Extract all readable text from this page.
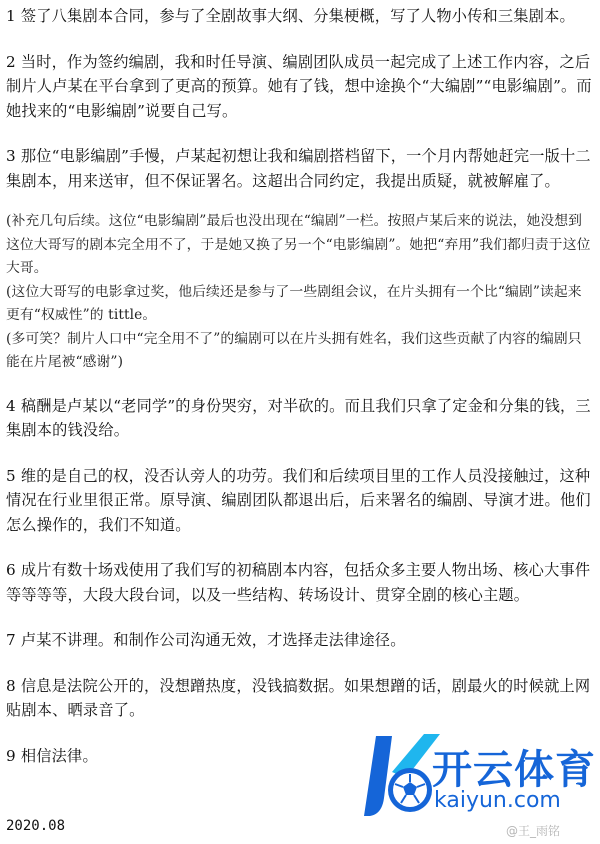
1 签了八集剧本合同，参与了全剧故事大纲、分集梗概，写了人物小传和三集剧本。

2 当时，作为签约编剧，我和时任导演、编剧团队成员一起完成了上述工作内容，之后制片人卢某在平台拿到了更高的预算。她有了钱，想中途换个“大编剧”“电影编剧”。而她找来的“电影编剧”说要自己写。

3 那位“电影编剧”手慢，卢某起初想让我和编剧搭档留下，一个月内帮她赶完一版十二集剧本，用来送审，但不保证署名。这超出合同约定，我提出质疑，就被解雇了。

(补充几句后续。这位“电影编剧”最后也没出现在“编剧”一栏。按照卢某后来的说法，她没想到这位大哥写的剧本完全用不了，于是她又换了另一个“电影编剧”。她把“弃用”我们都归责于这位大哥。

(这位大哥写的电影拿过奖，他后续还是参与了一些剧组会议，在片头拥有一个比“编剧”读起来更有“权威性”的 tittle。

(多可笑？制片人口中“完全用不了”的编剧可以在片头拥有姓名，我们这些贡献了内容的编剧只能在片尾被“感谢”)

4 稿酬是卢某以“老同学”的身份哭穷，对半砍的。而且我们只拿了定金和分集的钱，三集剧本的钱没给。

5 维的是自己的权，没否认旁人的功劳。我们和后续项目里的工作人员没接触过，这种情况在行业里很正常。原导演、编剧团队都退出后，后来署名的编剧、导演才进。他们怎么操作的，我们不知道。

6 成片有数十场戏使用了我们写的初稿剧本内容，包括众多主要人物出场、核心大事件等等等等，大段大段台词，以及一些结构、转场设计、贯穿全剧的核心主题。

7 卢某不讲理。和制作公司沟通无效，才选择走法律途径。

8 信息是法院公开的，没想蹭热度，没钱搞数据。如果想蹭的话，剧最火的时候就上网贴剧本、晒录音了。

9 相信法律。

2020.08
开云体育
kaiyun.com
@王_雨铭
